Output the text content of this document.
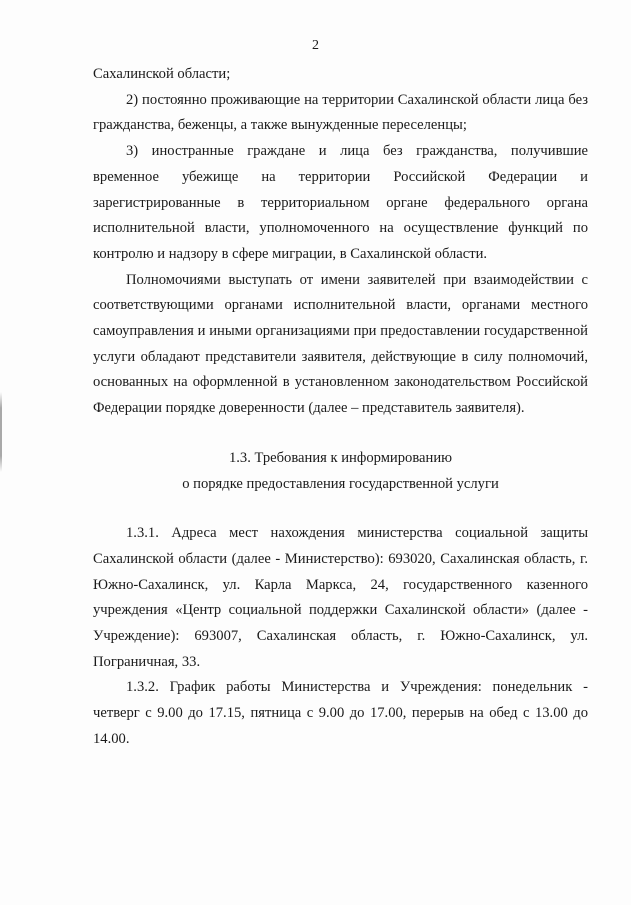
2

Сахалинской области;

2) постоянно проживающие на территории Сахалинской области лица без гражданства, беженцы, а также вынужденные переселенцы;

3) иностранные граждане и лица без гражданства, получившие временное убежище на территории Российской Федерации и зарегистрированные в территориальном органе федерального органа исполнительной власти, уполномоченного на осуществление функций по контролю и надзору в сфере миграции, в Сахалинской области.

Полномочиями выступать от имени заявителей при взаимодействии с соответствующими органами исполнительной власти, органами местного самоуправления и иными организациями при предоставлении государственной услуги обладают представители заявителя, действующие в силу полномочий, основанных на оформленной в установленном законодательством Российской Федерации порядке доверенности (далее – представитель заявителя).

1.3. Требования к информированию
о порядке предоставления государственной услуги

1.3.1. Адреса мест нахождения министерства социальной защиты Сахалинской области (далее - Министерство): 693020, Сахалинская область, г. Южно-Сахалинск, ул. Карла Маркса, 24, государственного казенного учреждения «Центр социальной поддержки Сахалинской области» (далее - Учреждение): 693007, Сахалинская область, г. Южно-Сахалинск, ул. Пограничная, 33.

1.3.2. График работы Министерства и Учреждения: понедельник - четверг с 9.00 до 17.15, пятница с 9.00 до 17.00, перерыв на обед с 13.00 до 14.00.
